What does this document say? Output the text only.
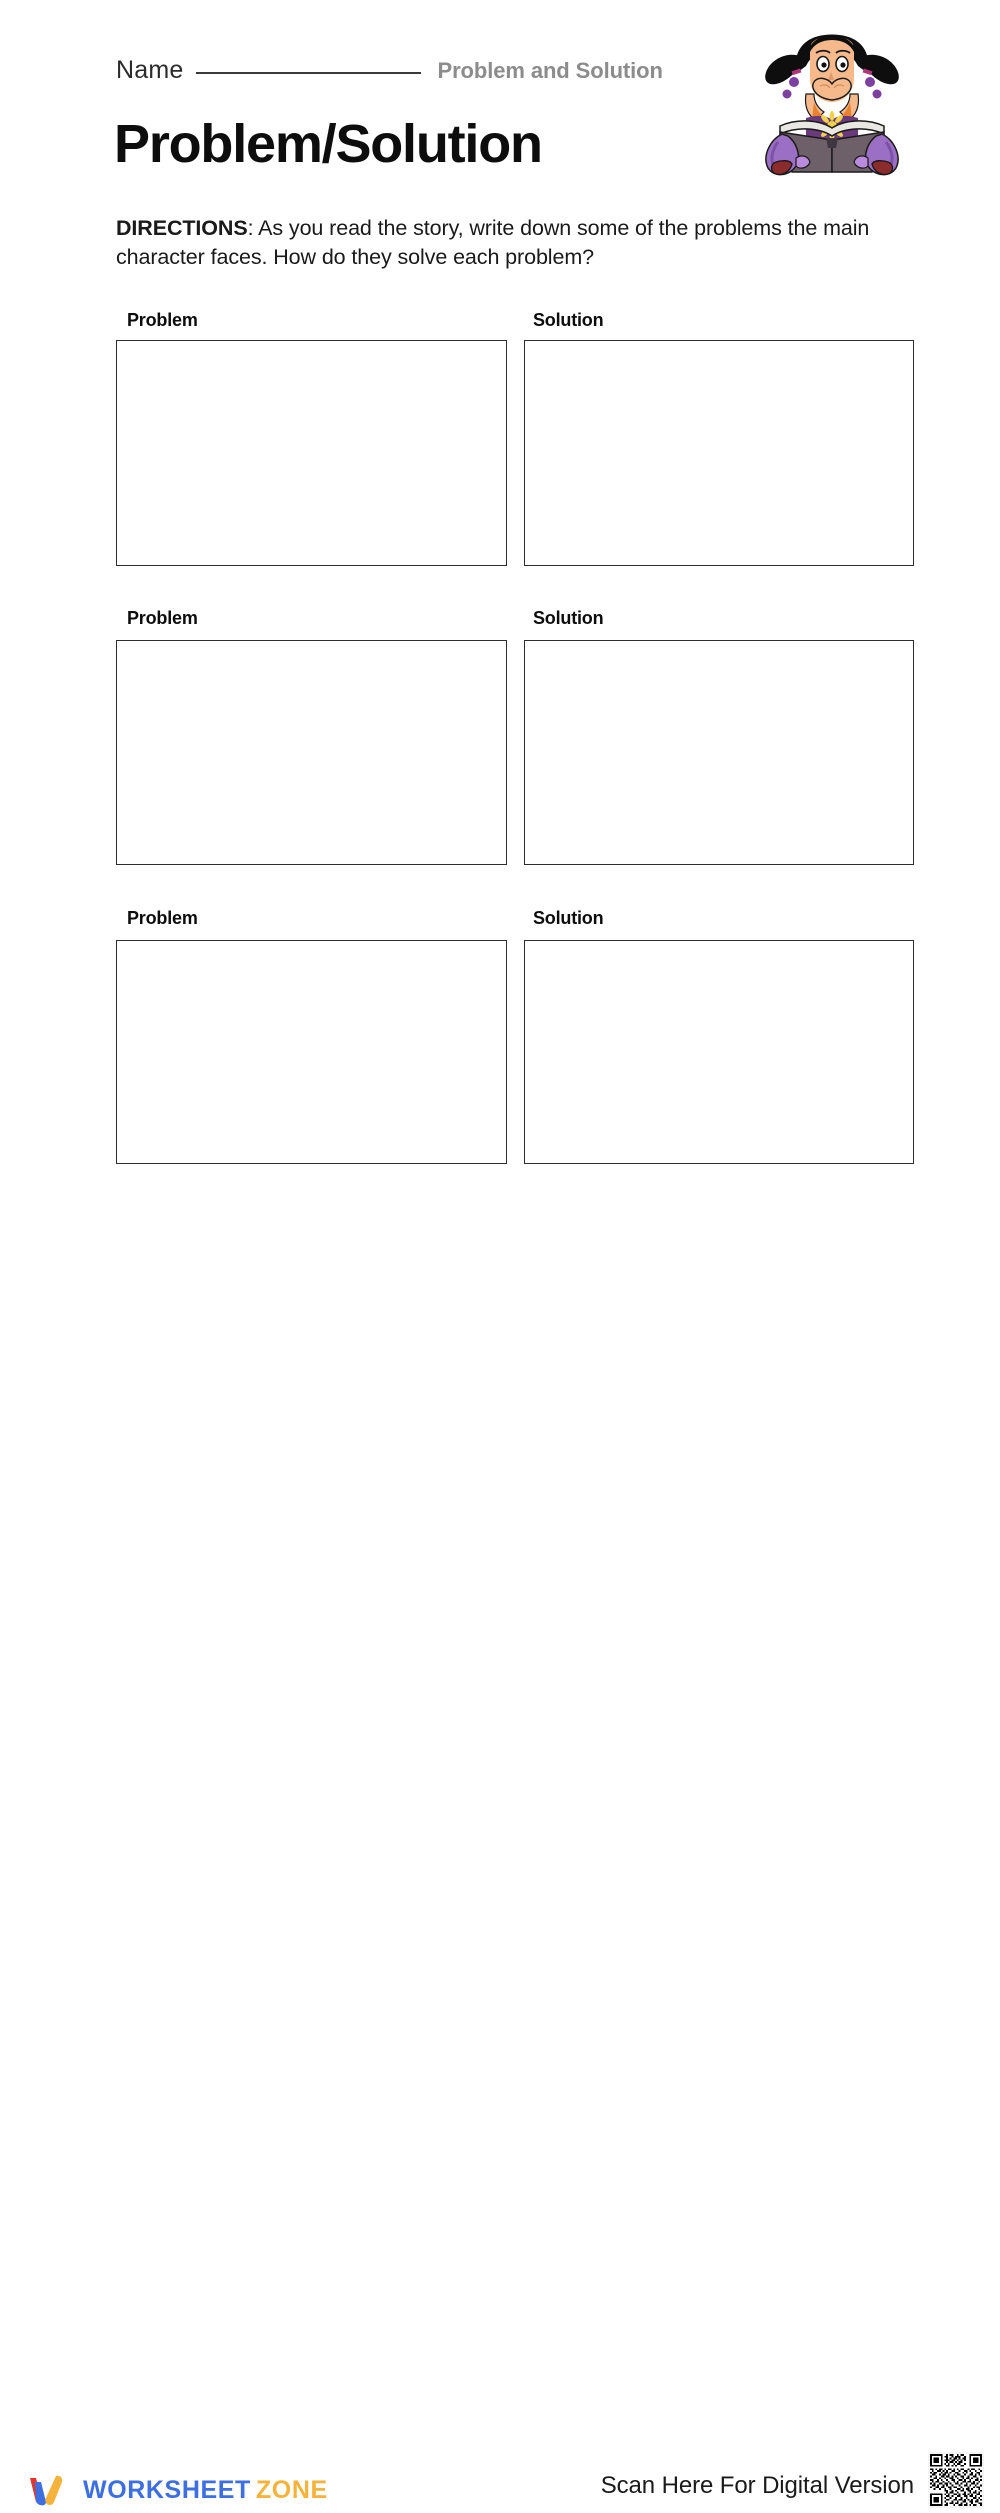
Name	Problem and Solution
Problem/Solution

DIRECTIONS: As you read the story, write down some of the problems the main character faces. How do they solve each problem?

Problem	Solution
Problem	Solution
Problem	Solution
WORKSHEET ZONE	Scan Here For Digital Version
